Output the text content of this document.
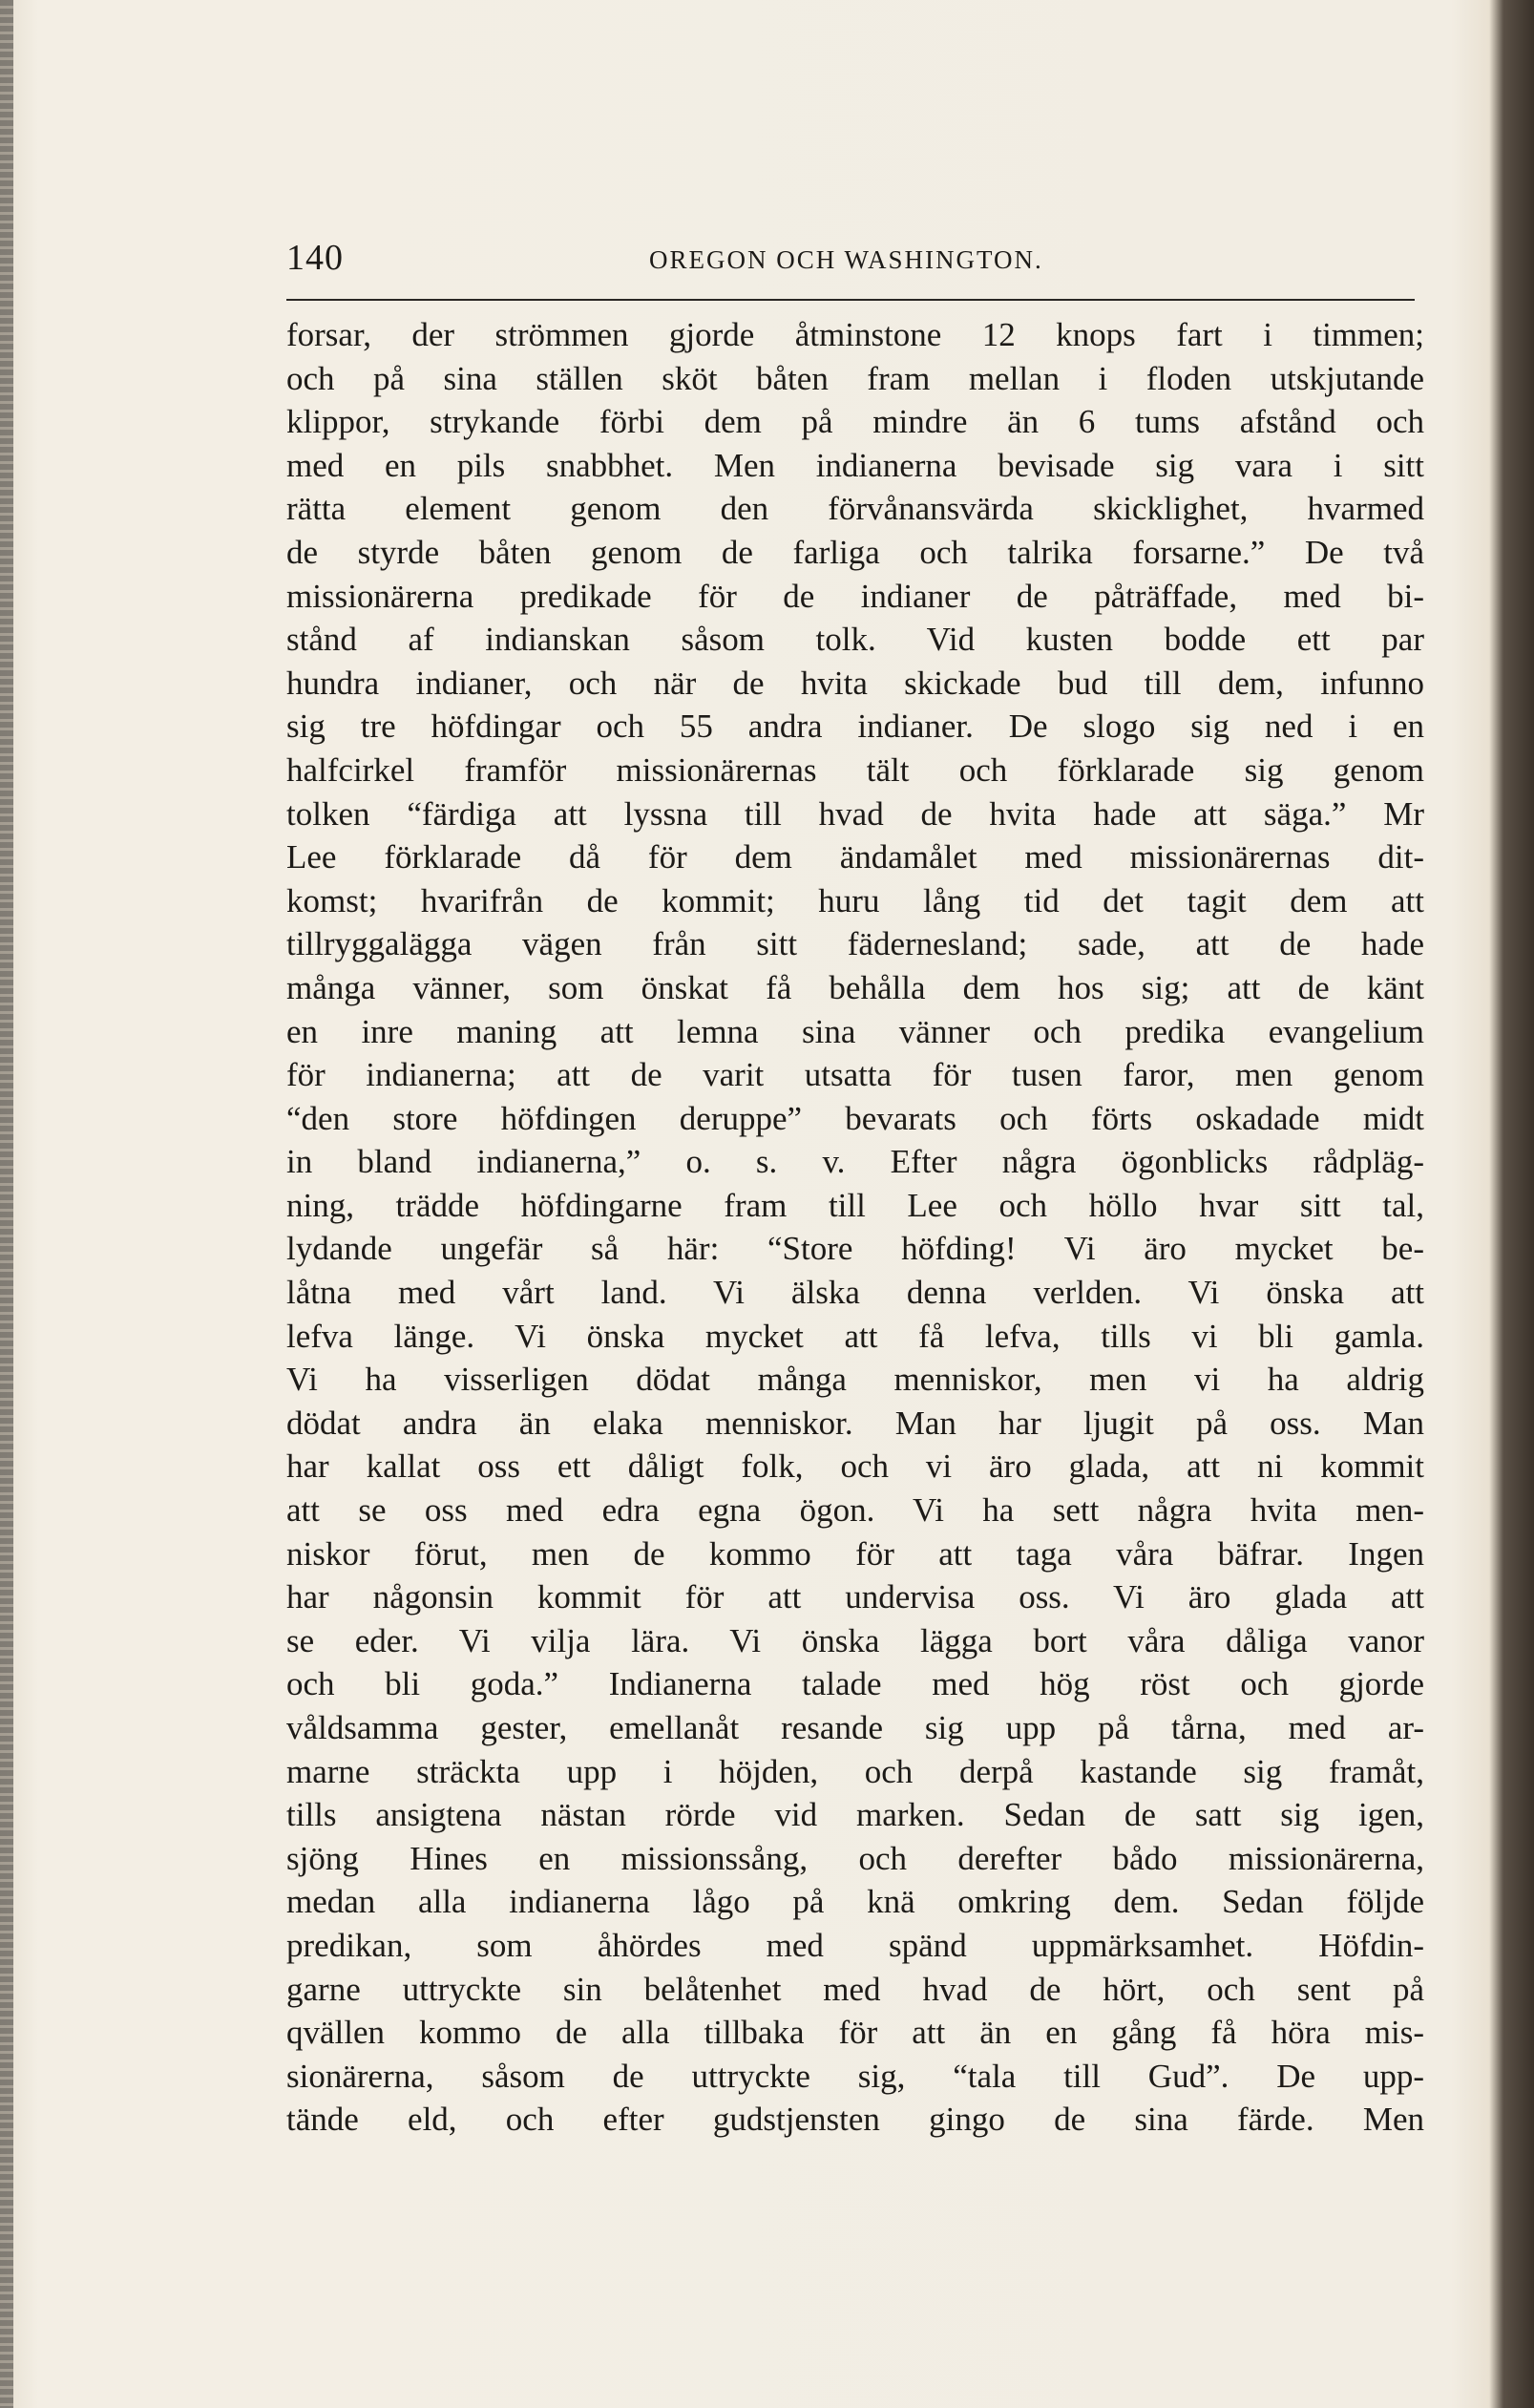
140	OREGON OCH WASHINGTON.
forsar, der strömmen gjorde åtminstone 12 knops fart i timmen;
och på sina ställen sköt båten fram mellan i floden utskjutande
klippor, strykande förbi dem på mindre än 6 tums afstånd och
med en pils snabbhet. Men indianerna bevisade sig vara i sitt
rätta element genom den förvånansvärda skicklighet, hvarmed
de styrde båten genom de farliga och talrika forsarne.” De två
missionärerna predikade för de indianer de påträffade, med bi-
stånd af indianskan såsom tolk. Vid kusten bodde ett par
hundra indianer, och när de hvita skickade bud till dem, infunno
sig tre höfdingar och 55 andra indianer. De slogo sig ned i en
halfcirkel framför missionärernas tält och förklarade sig genom
tolken “färdiga att lyssna till hvad de hvita hade att säga.” Mr
Lee förklarade då för dem ändamålet med missionärernas dit-
komst; hvarifrån de kommit; huru lång tid det tagit dem att
tillryggalägga vägen från sitt fädernesland; sade, att de hade
många vänner, som önskat få behålla dem hos sig; att de känt
en inre maning att lemna sina vänner och predika evangelium
för indianerna; att de varit utsatta för tusen faror, men genom
“den store höfdingen deruppe” bevarats och förts oskadade midt
in bland indianerna,” o. s. v. Efter några ögonblicks rådpläg-
ning, trädde höfdingarne fram till Lee och höllo hvar sitt tal,
lydande ungefär så här: “Store höfding! Vi äro mycket be-
låtna med vårt land. Vi älska denna verlden. Vi önska att
lefva länge. Vi önska mycket att få lefva, tills vi bli gamla.
Vi ha visserligen dödat många menniskor, men vi ha aldrig
dödat andra än elaka menniskor. Man har ljugit på oss. Man
har kallat oss ett dåligt folk, och vi äro glada, att ni kommit
att se oss med edra egna ögon. Vi ha sett några hvita men-
niskor förut, men de kommo för att taga våra bäfrar. Ingen
har någonsin kommit för att undervisa oss. Vi äro glada att
se eder. Vi vilja lära. Vi önska lägga bort våra dåliga vanor
och bli goda.” Indianerna talade med hög röst och gjorde
våldsamma gester, emellanåt resande sig upp på tårna, med ar-
marne sträckta upp i höjden, och derpå kastande sig framåt,
tills ansigtena nästan rörde vid marken. Sedan de satt sig igen,
sjöng Hines en missionssång, och derefter bådo missionärerna,
medan alla indianerna lågo på knä omkring dem. Sedan följde
predikan, som åhördes med spänd uppmärksamhet. Höfdin-
garne uttryckte sin belåtenhet med hvad de hört, och sent på
qvällen kommo de alla tillbaka för att än en gång få höra mis-
sionärerna, såsom de uttryckte sig, “tala till Gud”. De upp-
tände eld, och efter gudstjensten gingo de sina färde. Men
